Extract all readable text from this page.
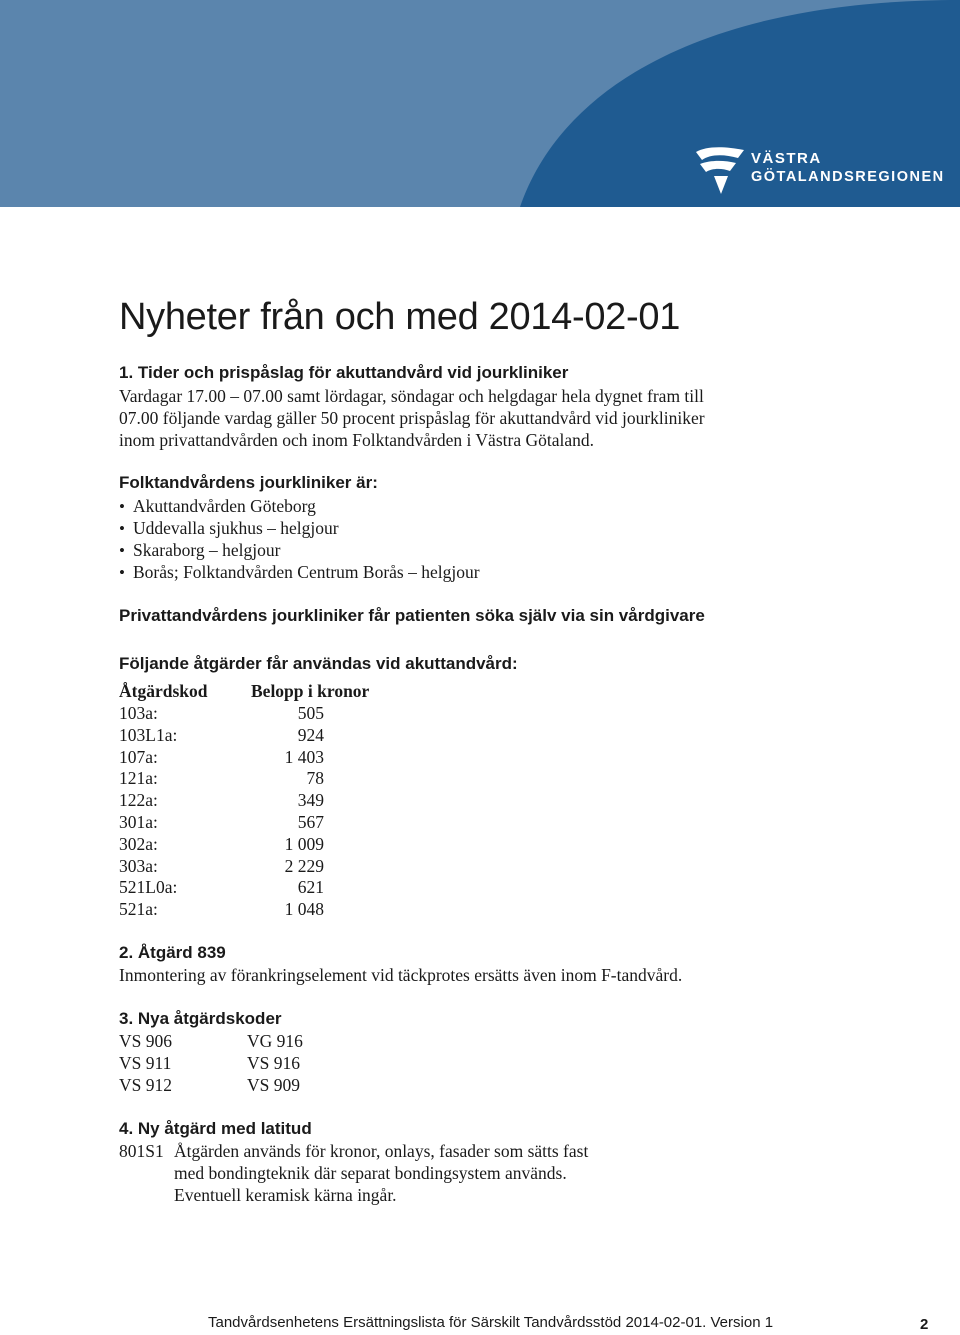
VÄSTRA
GÖTALANDSREGIONEN
Nyheter från och med 2014-02-01
1. Tider och prispåslag för akuttandvård vid jourkliniker
Vardagar 17.00 – 07.00 samt lördagar, söndagar och helgdagar hela dygnet fram till
07.00 följande vardag gäller 50 procent prispåslag för akuttandvård vid jourkliniker
inom privattandvården och inom Folktandvården i Västra Götaland.
Folktandvårdens jourkliniker är:
• Akuttandvården Göteborg
• Uddevalla sjukhus – helgjour
• Skaraborg – helgjour
• Borås; Folktandvården Centrum Borås – helgjour
Privattandvårdens jourkliniker får patienten söka själv via sin vårdgivare
Följande åtgärder får användas vid akuttandvård:
Åtgärdskod Belopp i kronor
103a:	505
103L1a:	924
107a:	1 403
121a:	78
122a:	349
301a:	567
302a:	1 009
303a:	2 229
521L0a:	621
521a:	1 048
2. Åtgärd 839
Inmontering av förankringselement vid täckprotes ersätts även inom F-tandvård.
3. Nya åtgärdskoder
VS 906	VG 916
VS 911	VS 916
VS 912	VS 909
4. Ny åtgärd med latitud
801S1 Åtgärden används för kronor, onlays, fasader som sätts fast
med bondingteknik där separat bondingsystem används.
Eventuell keramisk kärna ingår.
Tandvårdsenhetens Ersättningslista för Särskilt Tandvårdsstöd 2014-02-01. Version 1	2
